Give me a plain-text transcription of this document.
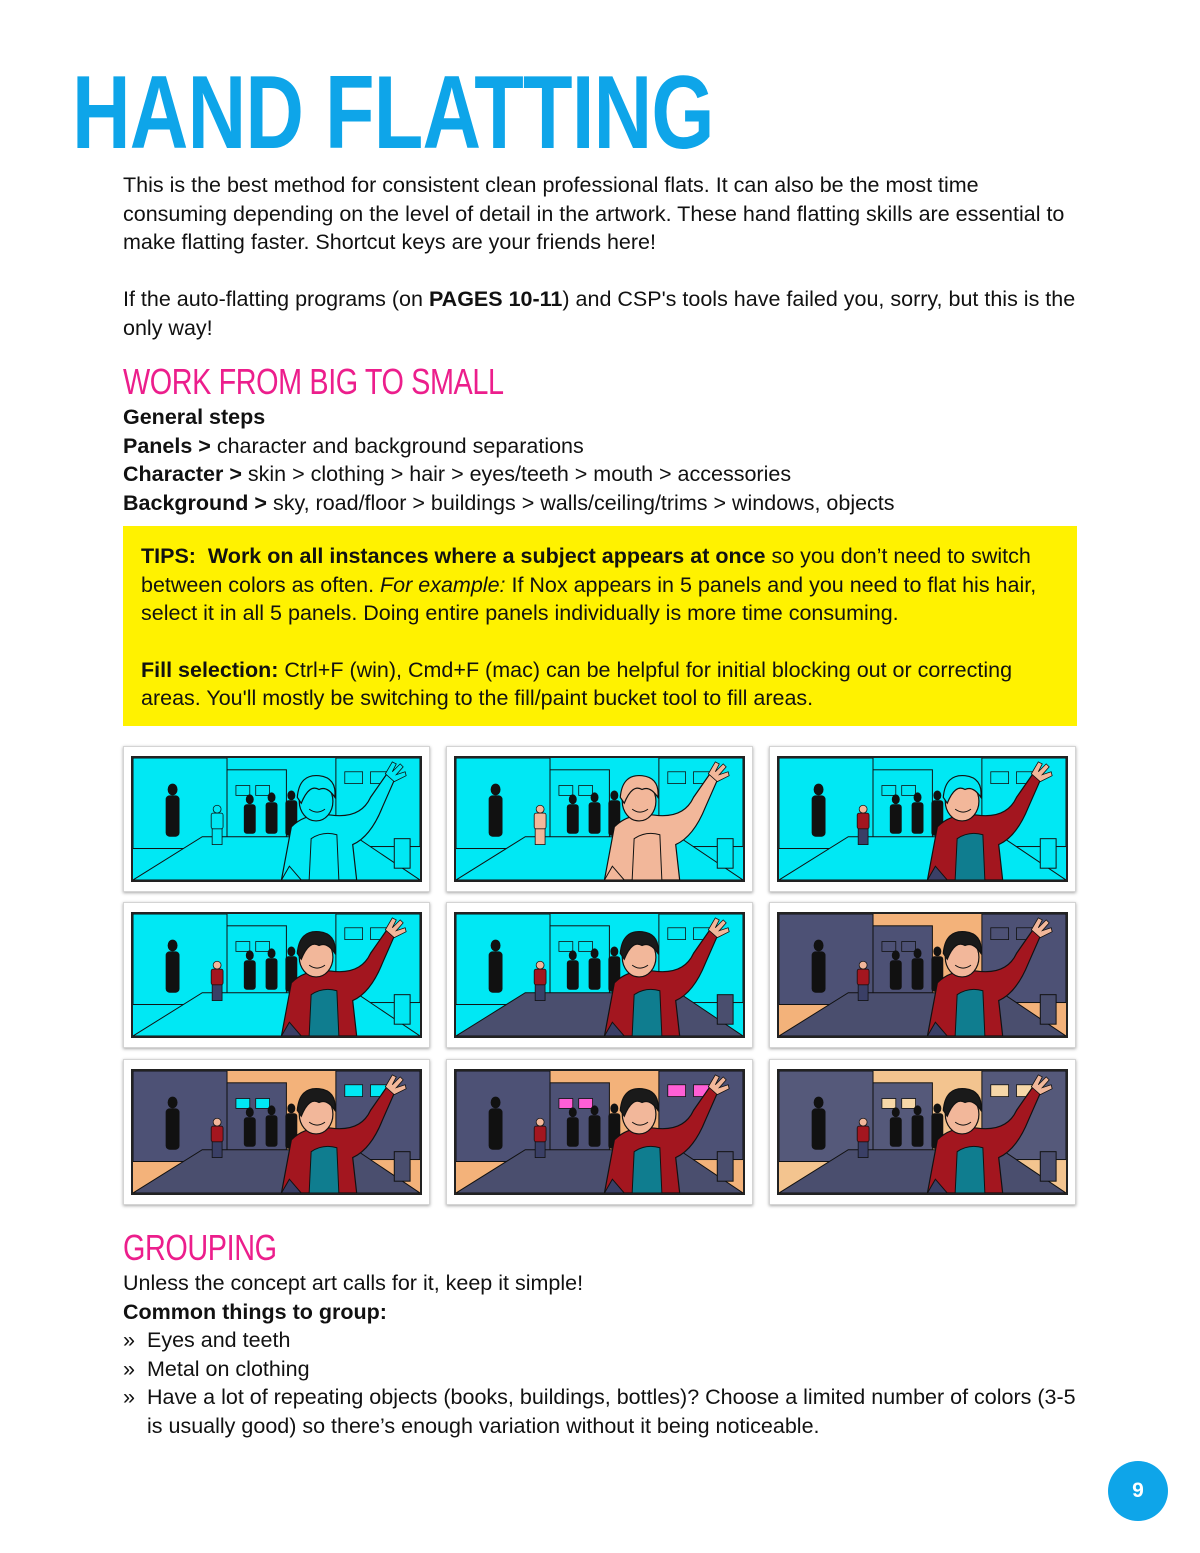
HAND FLATTING

This is the best method for consistent clean professional flats. It can also be the most time consuming depending on the level of detail in the artwork. These hand flatting skills are essential to make flatting faster. Shortcut keys are your friends here!

If the auto-flatting programs (on PAGES 10-11) and CSP's tools have failed you, sorry, but this is the only way!

WORK FROM BIG TO SMALL

General steps

Panels > character and background separations

Character > skin > clothing > hair > eyes/teeth > mouth > accessories

Background > sky, road/floor > buildings > walls/ceiling/trims > windows, objects

TIPS: Work on all instances where a subject appears at once so you don’t need to switch between colors as often. For example: If Nox appears in 5 panels and you need to flat his hair, select it in all 5 panels. Doing entire panels individually is more time consuming.

Fill selection: Ctrl+F (win), Cmd+F (mac) can be helpful for initial blocking out or correcting areas. You'll mostly be switching to the fill/paint bucket tool to fill areas.

GROUPING

Unless the concept art calls for it, keep it simple!

Common things to group:

» Eyes and teeth
» Metal on clothing
» Have a lot of repeating objects (books, buildings, bottles)? Choose a limited number of colors (3-5 is usually good) so there’s enough variation without it being noticeable.
9
